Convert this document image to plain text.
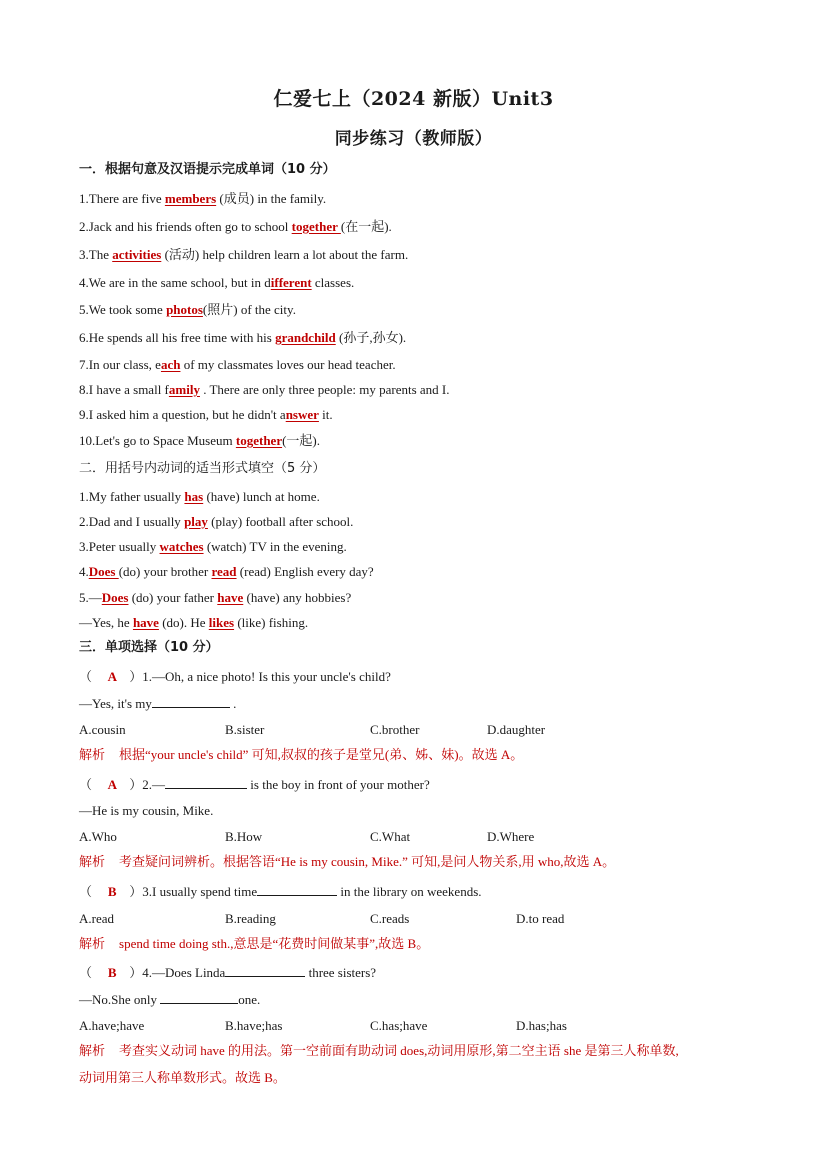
仁爱七上（2024 新版）Unit3
同步练习（教师版）
一．根据句意及汉语提示完成单词（10 分）
1.There are five members (成员) in the family.
2.Jack and his friends often go to school together (在一起).
3.The activities (活动) help children learn a lot about the farm.
4.We are in the same school, but in different classes.
5.We took some photos(照片) of the city.
6.He spends all his free time with his grandchild (孙子,孙女).
7.In our class, each of my classmates loves our head teacher.
8.I have a small family . There are only three people: my parents and I.
9.I asked him a question, but he didn't answer it.
10.Let's go to Space Museum together(一起).
二．用括号内动词的适当形式填空（5 分）
1.My father usually has (have) lunch at home.
2.Dad and I usually play (play) football after school.
3.Peter usually watches (watch) TV in the evening.
4.Does (do) your brother read (read) English every day?
5.—Does (do) your father have (have) any hobbies?
—Yes, he have (do). He likes (like) fishing.
三．单项选择（10 分）
（ A ）1.—Oh, a nice photo! Is this your uncle's child?
—Yes, it's my	.
A.cousin	B.sister	C.brother	D.daughter
解析 根据“your uncle's child” 可知,叔叔的孩子是堂兄(弟、姊、妹)。故选 A。
（ A ）2.—	is the boy in front of your mother?
—He is my cousin, Mike.
A.Who	B.How	C.What	D.Where
解析 考查疑问词辨析。根据答语“He is my cousin, Mike.” 可知,是问人物关系,用 who,故选 A。
（ B ）3.I usually spend time	in the library on weekends.
A.read	B.reading	C.reads	D.to read
解析 spend time doing sth.,意思是“花费时间做某事”,故选 B。
（ B ）4.—Does Linda	three sisters?
—No.She only	one.
A.have;have	B.have;has	C.has;have	D.has;has
解析 考查实义动词 have 的用法。第一空前面有助动词 does,动词用原形,第二空主语 she 是第三人称单数,
动词用第三人称单数形式。故选 B。
